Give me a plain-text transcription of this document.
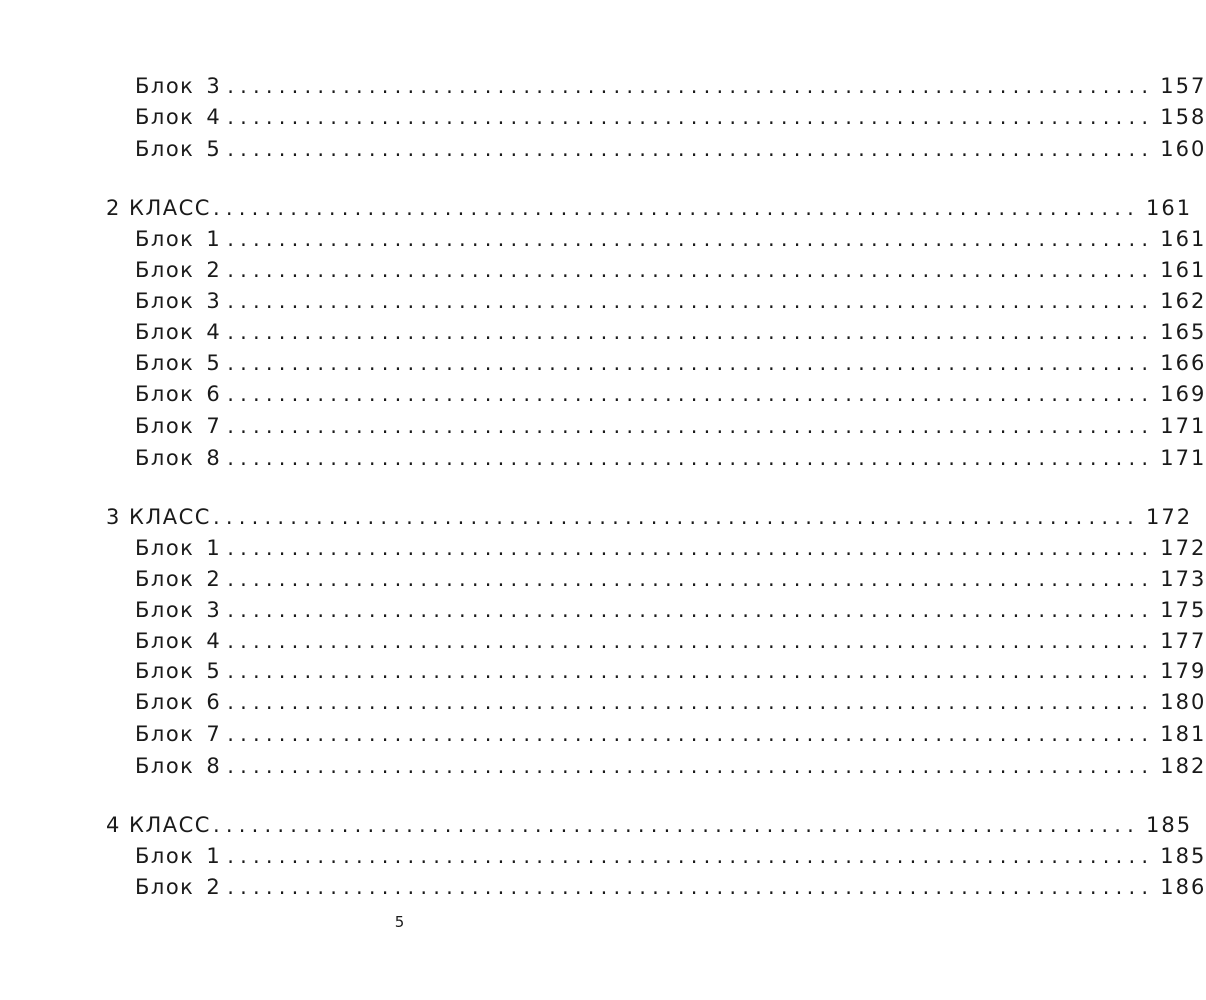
Блок 3 ........................................................................ 157
Блок 4 ........................................................................ 158
Блок 5 ........................................................................ 160
2 КЛАСС ........................................................................ 161
Блок 1 ........................................................................ 161
Блок 2 ........................................................................ 161
Блок 3 ........................................................................ 162
Блок 4 ........................................................................ 165
Блок 5 ........................................................................ 166
Блок 6 ........................................................................ 169
Блок 7 ........................................................................ 171
Блок 8 ........................................................................ 171
3 КЛАСС ........................................................................ 172
Блок 1 ........................................................................ 172
Блок 2 ........................................................................ 173
Блок 3 ........................................................................ 175
Блок 4 ........................................................................ 177
Блок 5 ........................................................................ 179
Блок 6 ........................................................................ 180
Блок 7 ........................................................................ 181
Блок 8 ........................................................................ 182
4 КЛАСС ........................................................................ 185
Блок 1 ........................................................................ 185
Блок 2 ........................................................................ 186
5
